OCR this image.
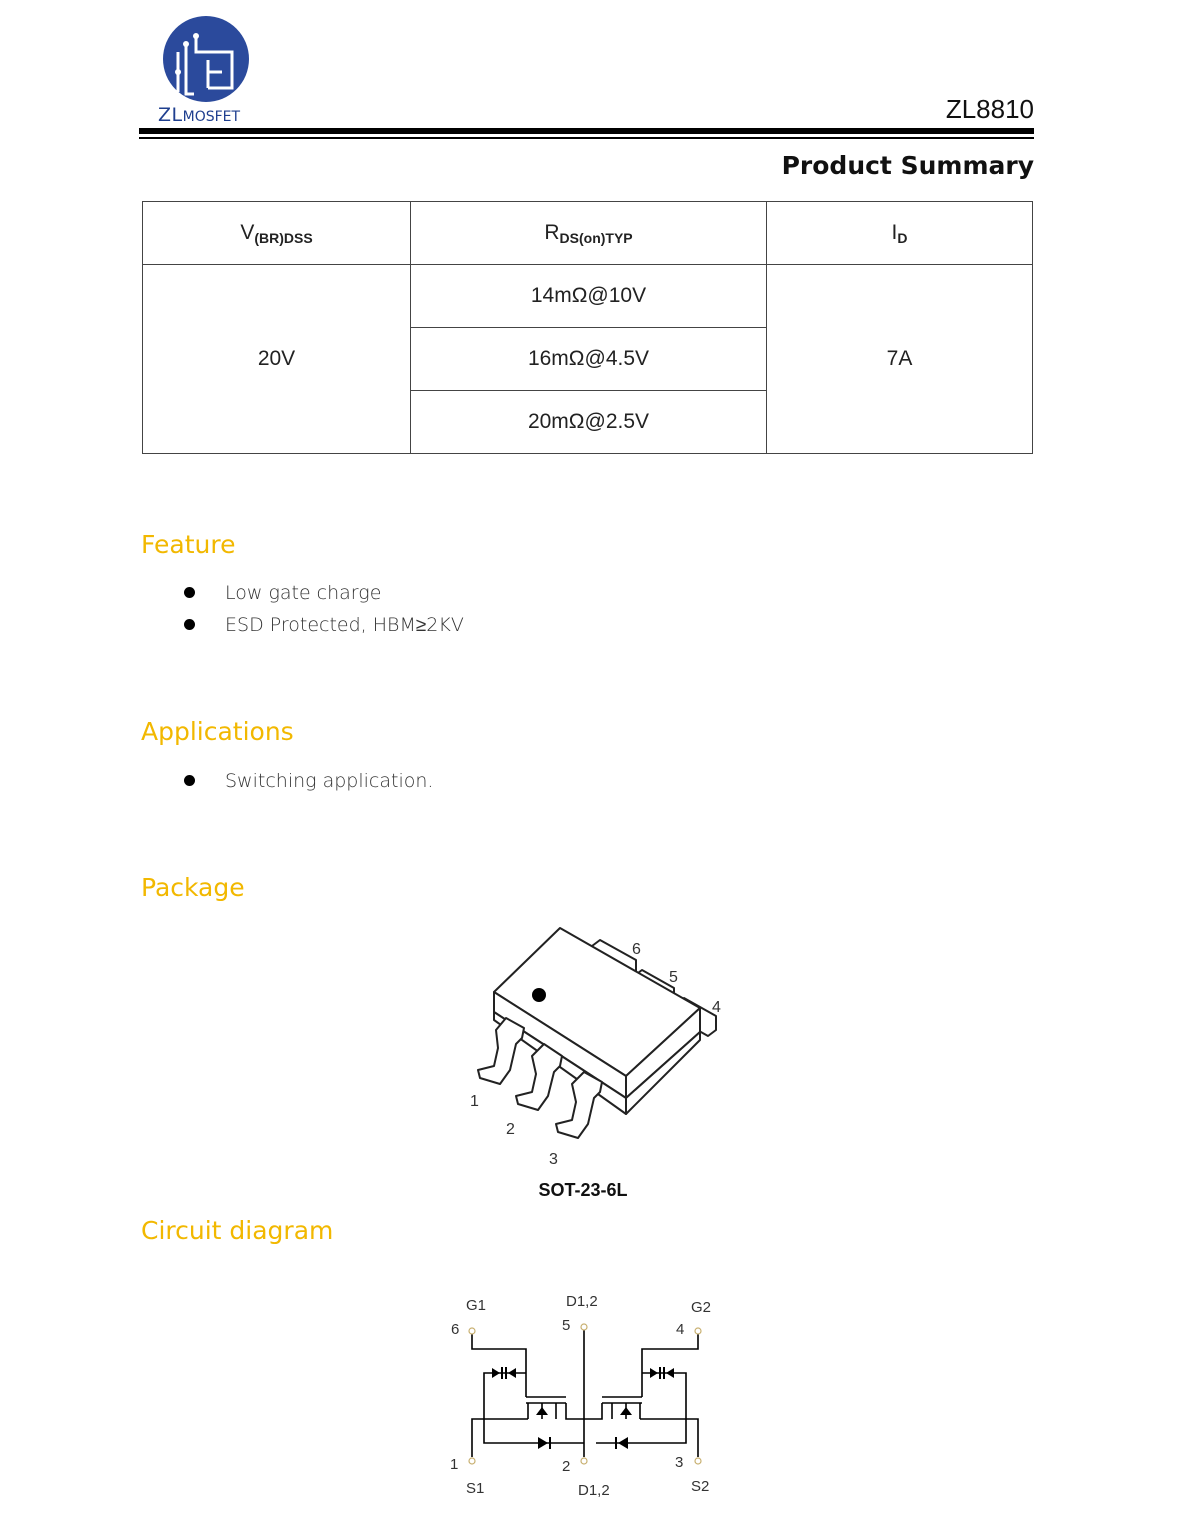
ZLMOSFET	ZL8810
Product Summary
$V_{(BR)DSS}$	$R_{DS(on)TYP}$	$I_D$
20V	14mΩ@10V	7A
	16mΩ@4.5V	
	20mΩ@2.5V	
Feature
Low gate charge
ESD Protected, HBM≥2KV
Applications
Switching application.
Package
1
2
3
4
5
6
SOT-23-6L
Circuit diagram
G1	D1,2	G2
6	5	4
1	2	3
S1	D1,2	S2
